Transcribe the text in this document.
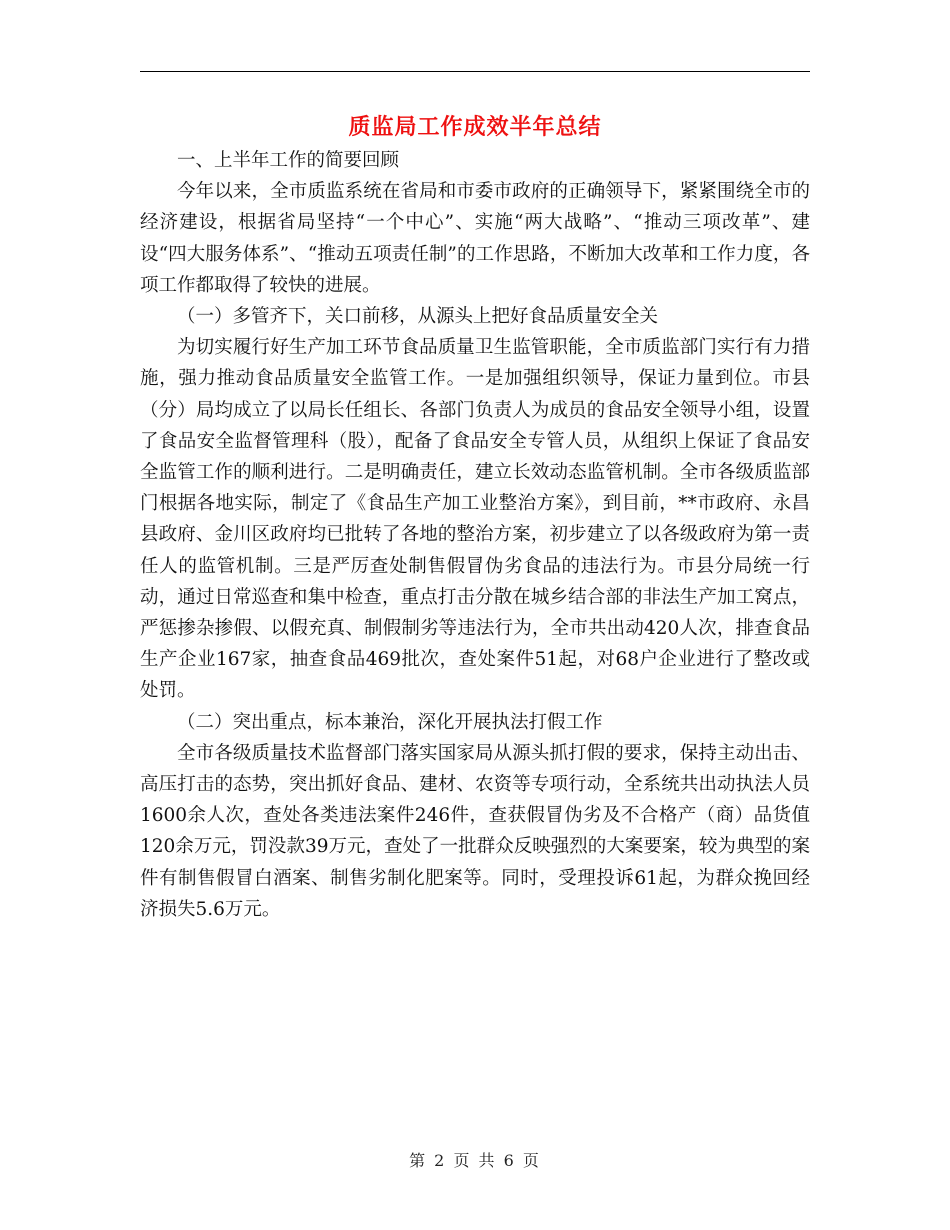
质监局工作成效半年总结

一、上半年工作的简要回顾

今年以来，全市质监系统在省局和市委市政府的正确领导下，紧紧围绕全市的经济建设，根据省局坚持“一个中心”、实施“两大战略”、“推动三项改革”、建设“四大服务体系”、“推动五项责任制”的工作思路，不断加大改革和工作力度，各项工作都取得了较快的进展。

（一）多管齐下，关口前移，从源头上把好食品质量安全关

为切实履行好生产加工环节食品质量卫生监管职能，全市质监部门实行有力措施，强力推动食品质量安全监管工作。一是加强组织领导，保证力量到位。市县（分）局均成立了以局长任组长、各部门负责人为成员的食品安全领导小组，设置了食品安全监督管理科（股），配备了食品安全专管人员，从组织上保证了食品安全监管工作的顺利进行。二是明确责任，建立长效动态监管机制。全市各级质监部门根据各地实际，制定了《食品生产加工业整治方案》，到目前，**市政府、永昌县政府、金川区政府均已批转了各地的整治方案，初步建立了以各级政府为第一责任人的监管机制。三是严厉查处制售假冒伪劣食品的违法行为。市县分局统一行动，通过日常巡查和集中检查，重点打击分散在城乡结合部的非法生产加工窝点，严惩掺杂掺假、以假充真、制假制劣等违法行为，全市共出动420人次，排查食品生产企业167家，抽查食品469批次，查处案件51起，对68户企业进行了整改或处罚。

（二）突出重点，标本兼治，深化开展执法打假工作

全市各级质量技术监督部门落实国家局从源头抓打假的要求，保持主动出击、高压打击的态势，突出抓好食品、建材、农资等专项行动，全系统共出动执法人员1600余人次，查处各类违法案件246件，查获假冒伪劣及不合格产（商）品货值120余万元，罚没款39万元，查处了一批群众反映强烈的大案要案，较为典型的案件有制售假冒白酒案、制售劣制化肥案等。同时，受理投诉61起，为群众挽回经济损失5.6万元。

第 2 页 共 6 页
